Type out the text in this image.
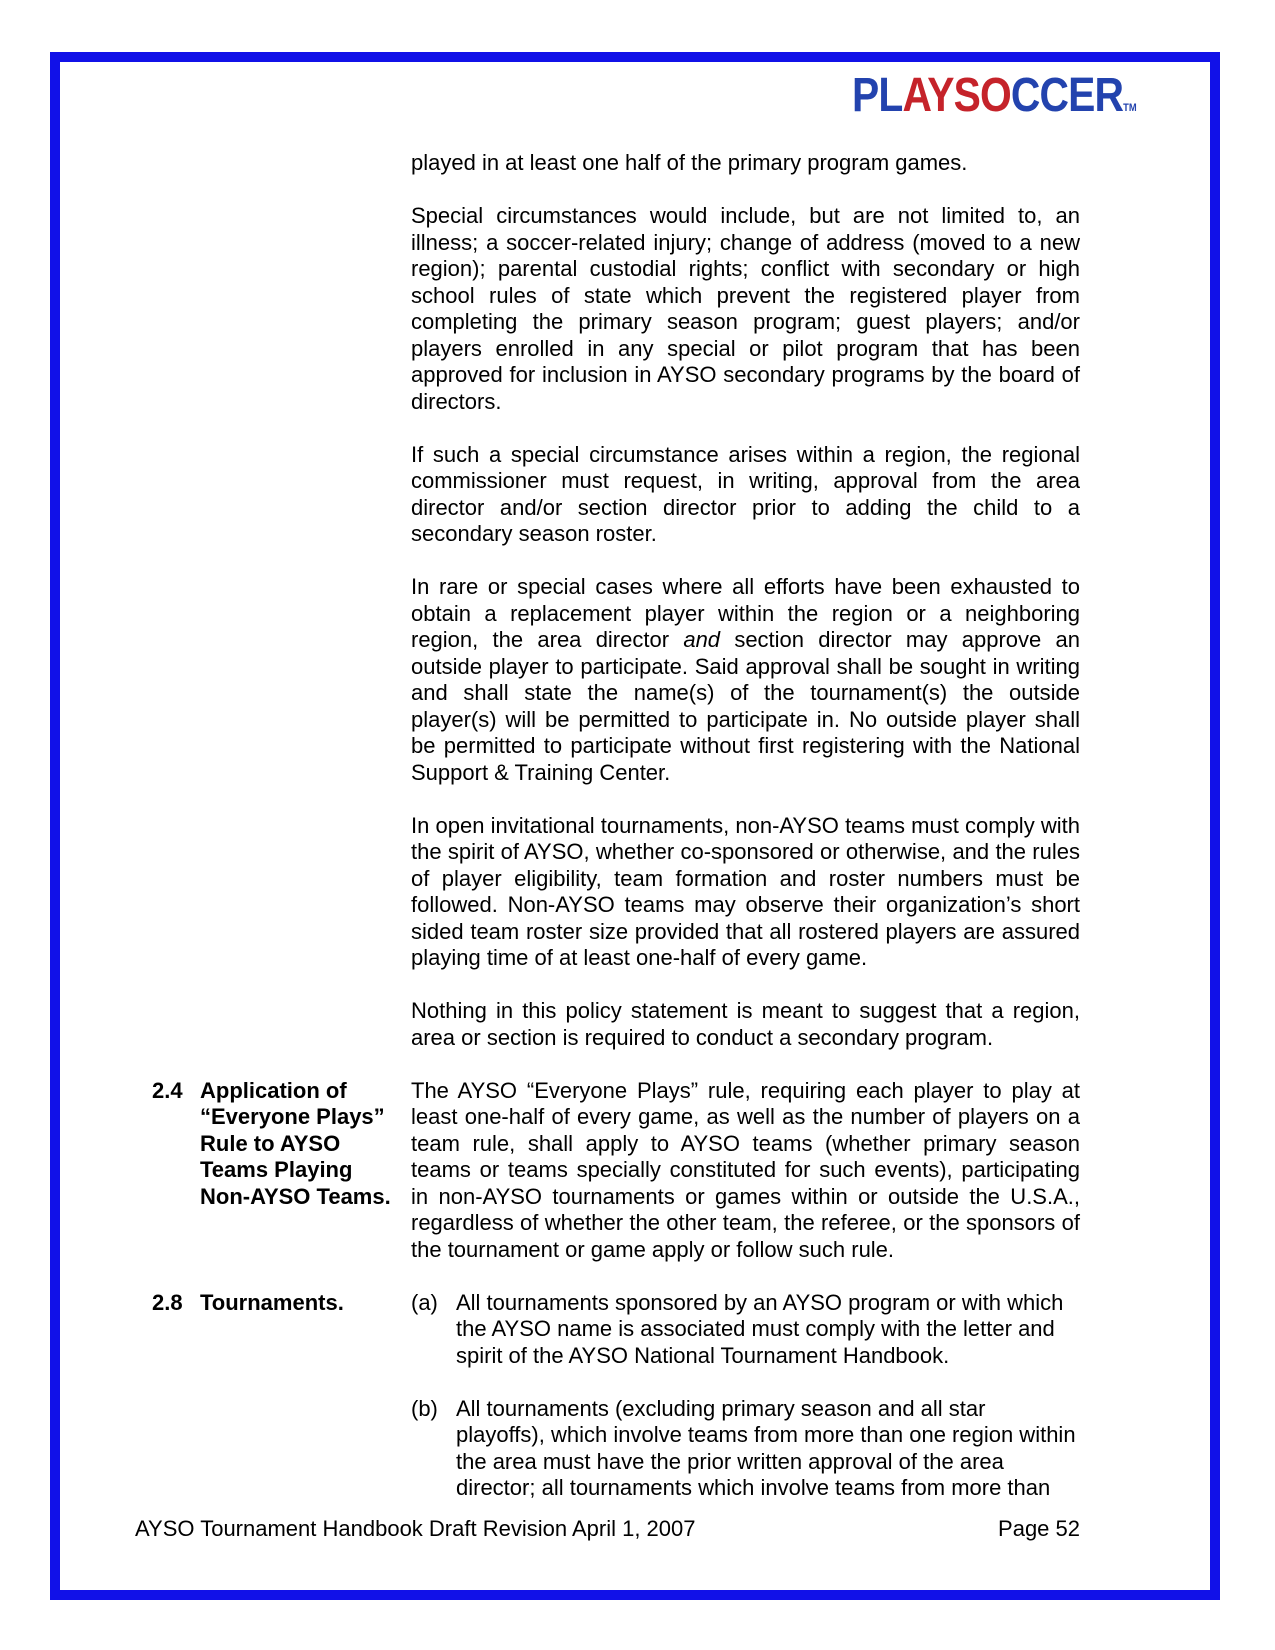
PLAYSOCCERTM

played in at least one half of the primary program games.

Special circumstances would include, but are not limited to, an illness; a soccer-related injury; change of address (moved to a new region); parental custodial rights; conflict with secondary or high school rules of state which prevent the registered player from completing the primary season program; guest players; and/or players enrolled in any special or pilot program that has been approved for inclusion in AYSO secondary programs by the board of directors.

If such a special circumstance arises within a region, the regional commissioner must request, in writing, approval from the area director and/or section director prior to adding the child to a secondary season roster.

In rare or special cases where all efforts have been exhausted to obtain a replacement player within the region or a neighboring region, the area director and section director may approve an outside player to participate. Said approval shall be sought in writing and shall state the name(s) of the tournament(s) the outside player(s) will be permitted to participate in. No outside player shall be permitted to participate without first registering with the National Support & Training Center.

In open invitational tournaments, non-AYSO teams must comply with the spirit of AYSO, whether co-sponsored or otherwise, and the rules of player eligibility, team formation and roster numbers must be followed. Non-AYSO teams may observe their organization’s short sided team roster size provided that all rostered players are assured playing time of at least one-half of every game.

Nothing in this policy statement is meant to suggest that a region, area or section is required to conduct a secondary program.

2.4 Application of
“Everyone Plays”
Rule to AYSO
Teams Playing
Non-AYSO Teams.
The AYSO “Everyone Plays” rule, requiring each player to play at least one-half of every game, as well as the number of players on a team rule, shall apply to AYSO teams (whether primary season teams or teams specially constituted for such events), participating in non-AYSO tournaments or games within or outside the U.S.A., regardless of whether the other team, the referee, or the sponsors of the tournament or game apply or follow such rule.
2.8 Tournaments.	(a) All tournaments sponsored by an AYSO program or with which the AYSO name is associated must comply with the letter and spirit of the AYSO National Tournament Handbook.
(b) All tournaments (excluding primary season and all star playoffs), which involve teams from more than one region within the area must have the prior written approval of the area director; all tournaments which involve teams from more than
AYSO Tournament Handbook Draft Revision April 1, 2007	Page 52
